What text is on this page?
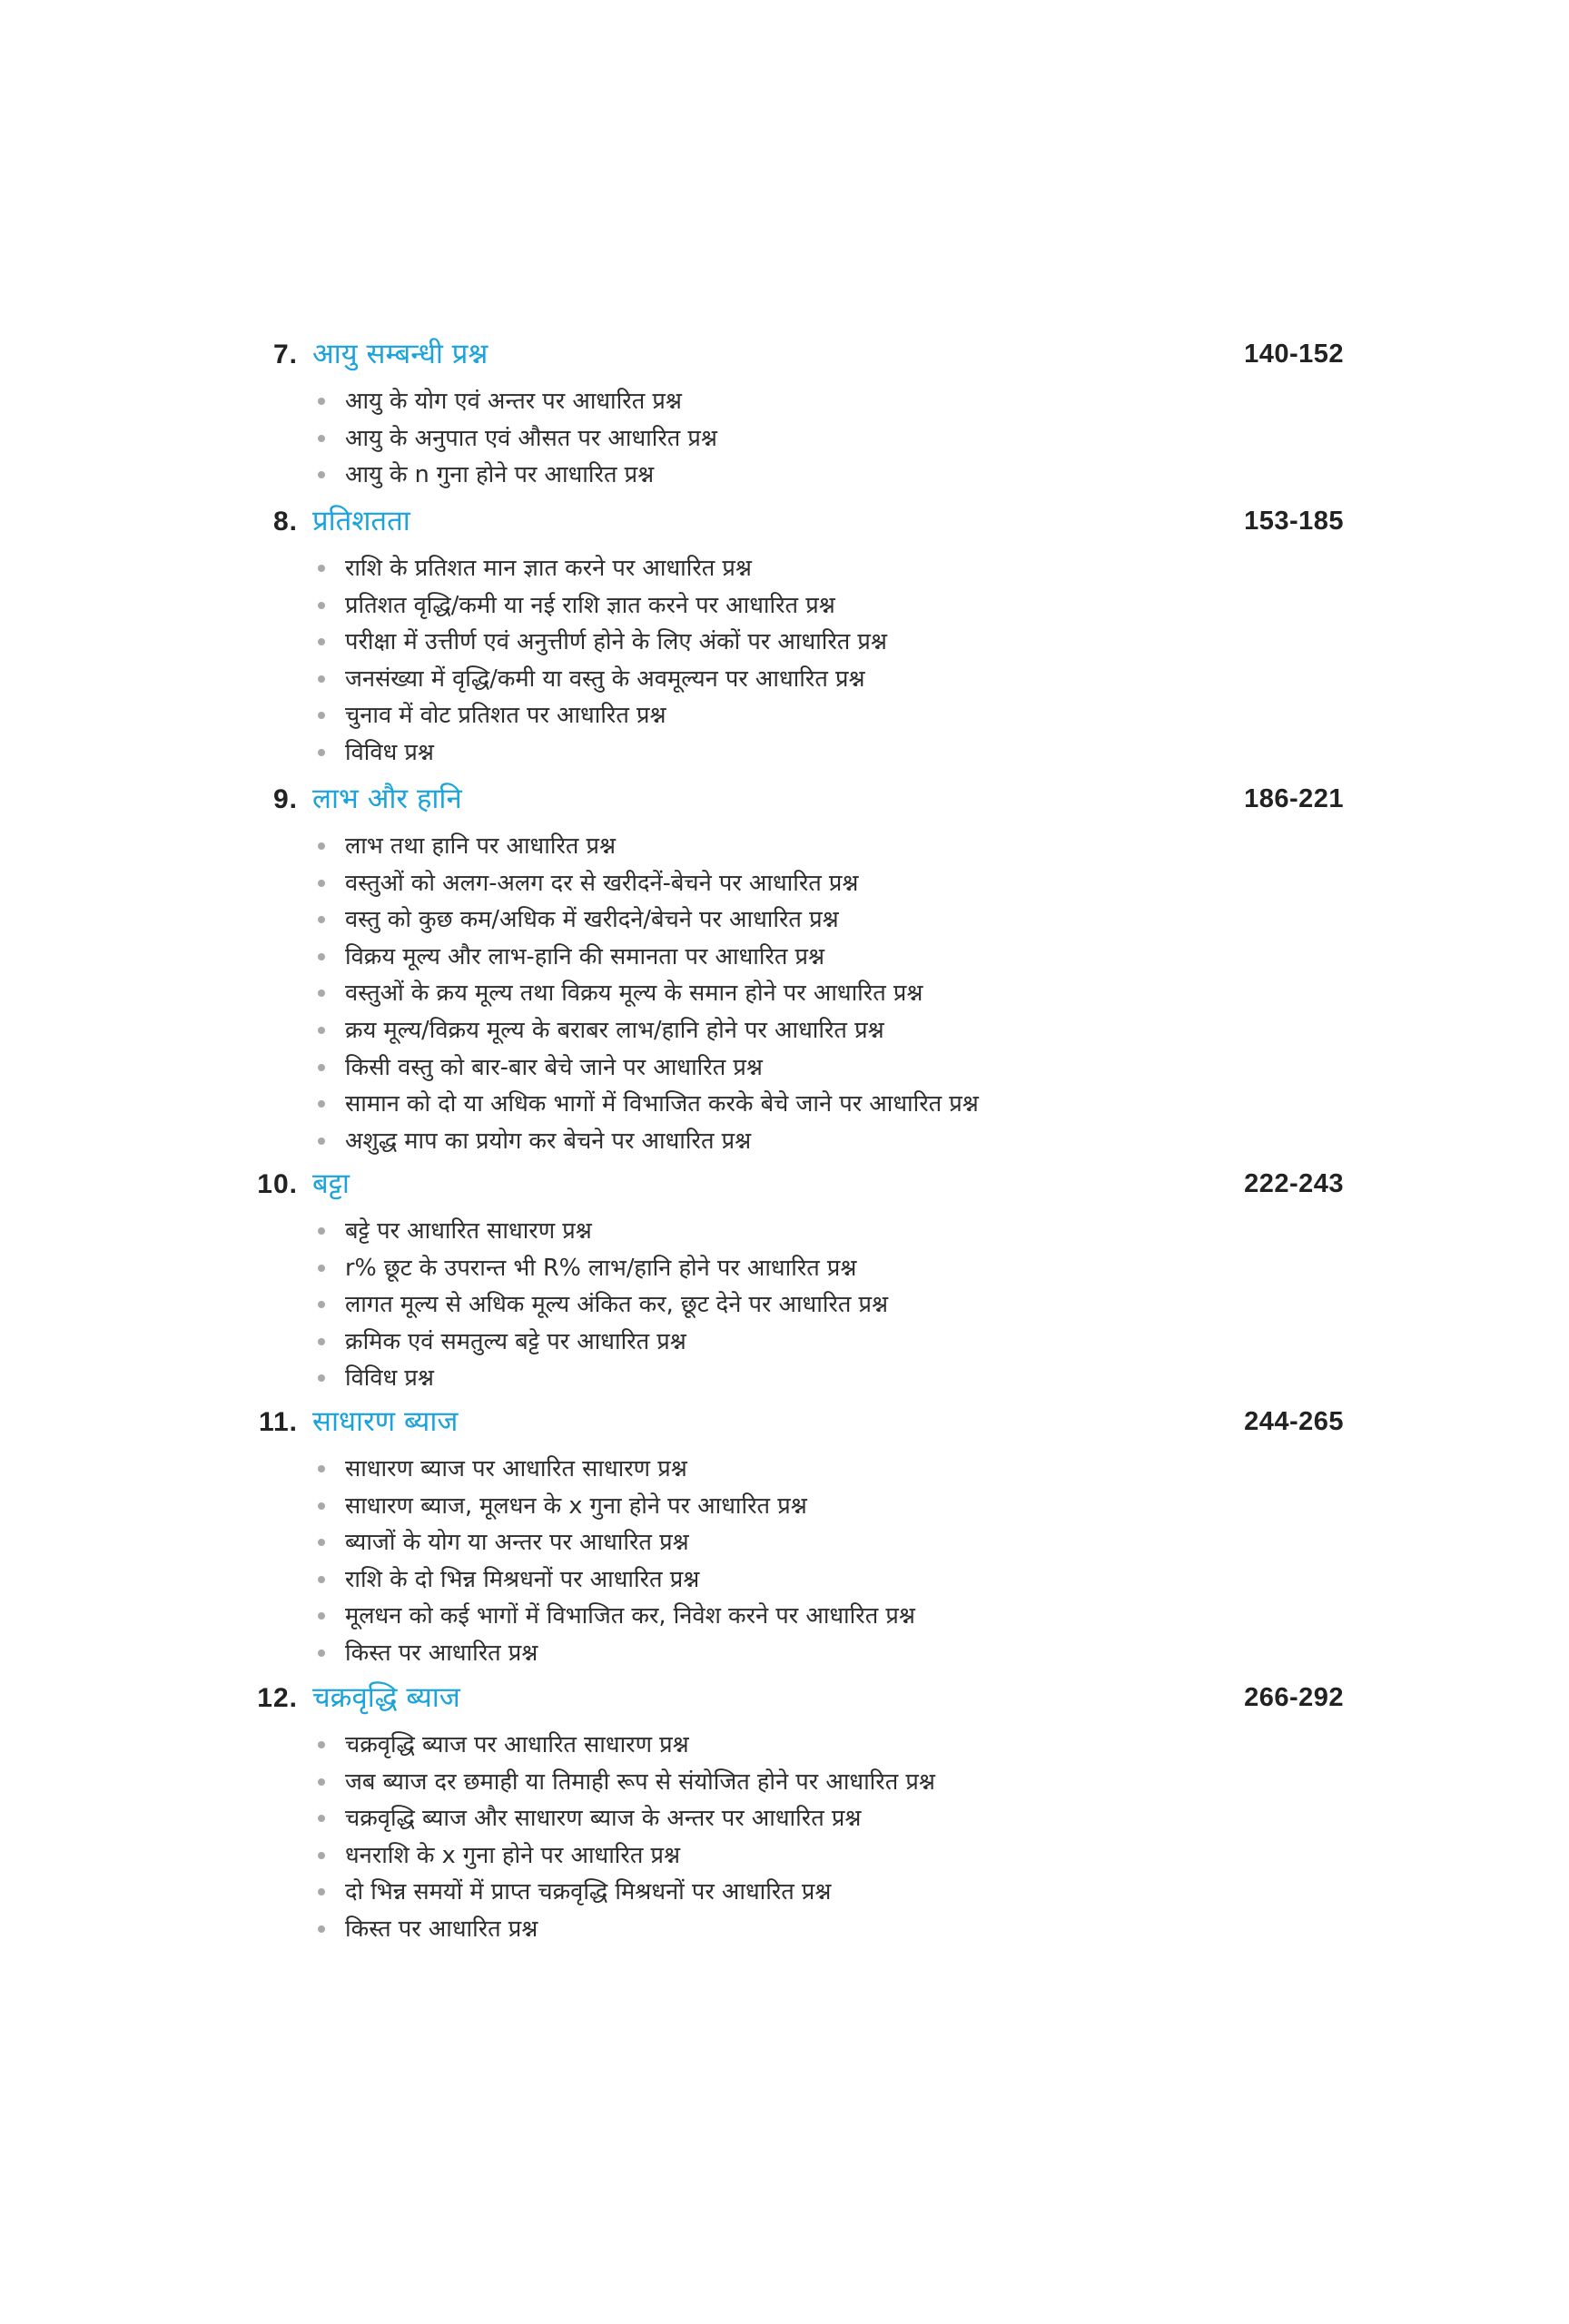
7. आयु सम्बन्धी प्रश्न	140-152
आयु के योग एवं अन्तर पर आधारित प्रश्न
आयु के अनुपात एवं औसत पर आधारित प्रश्न
आयु के n गुना होने पर आधारित प्रश्न
8. प्रतिशतता	153-185
राशि के प्रतिशत मान ज्ञात करने पर आधारित प्रश्न
प्रतिशत वृद्धि/कमी या नई राशि ज्ञात करने पर आधारित प्रश्न
परीक्षा में उत्तीर्ण एवं अनुत्तीर्ण होने के लिए अंकों पर आधारित प्रश्न
जनसंख्या में वृद्धि/कमी या वस्तु के अवमूल्यन पर आधारित प्रश्न
चुनाव में वोट प्रतिशत पर आधारित प्रश्न
विविध प्रश्न
9. लाभ और हानि	186-221
लाभ तथा हानि पर आधारित प्रश्न
वस्तुओं को अलग-अलग दर से खरीदनें-बेचने पर आधारित प्रश्न
वस्तु को कुछ कम/अधिक में खरीदने/बेचने पर आधारित प्रश्न
विक्रय मूल्य और लाभ-हानि की समानता पर आधारित प्रश्न
वस्तुओं के क्रय मूल्य तथा विक्रय मूल्य के समान होने पर आधारित प्रश्न
क्रय मूल्य/विक्रय मूल्य के बराबर लाभ/हानि होने पर आधारित प्रश्न
किसी वस्तु को बार-बार बेचे जाने पर आधारित प्रश्न
सामान को दो या अधिक भागों में विभाजित करके बेचे जाने पर आधारित प्रश्न
अशुद्ध माप का प्रयोग कर बेचने पर आधारित प्रश्न
10. बट्टा	222-243
बट्टे पर आधारित साधारण प्रश्न
r% छूट के उपरान्त भी R% लाभ/हानि होने पर आधारित प्रश्न
लागत मूल्य से अधिक मूल्य अंकित कर, छूट देने पर आधारित प्रश्न
क्रमिक एवं समतुल्य बट्टे पर आधारित प्रश्न
विविध प्रश्न
11. साधारण ब्याज	244-265
साधारण ब्याज पर आधारित साधारण प्रश्न
साधारण ब्याज, मूलधन के x गुना होने पर आधारित प्रश्न
ब्याजों के योग या अन्तर पर आधारित प्रश्न
राशि के दो भिन्न मिश्रधनों पर आधारित प्रश्न
मूलधन को कई भागों में विभाजित कर, निवेश करने पर आधारित प्रश्न
किस्त पर आधारित प्रश्न
12. चक्रवृद्धि ब्याज	266-292
चक्रवृद्धि ब्याज पर आधारित साधारण प्रश्न
जब ब्याज दर छमाही या तिमाही रूप से संयोजित होने पर आधारित प्रश्न
चक्रवृद्धि ब्याज और साधारण ब्याज के अन्तर पर आधारित प्रश्न
धनराशि के x गुना होने पर आधारित प्रश्न
दो भिन्न समयों में प्राप्त चक्रवृद्धि मिश्रधनों पर आधारित प्रश्न
किस्त पर आधारित प्रश्न
